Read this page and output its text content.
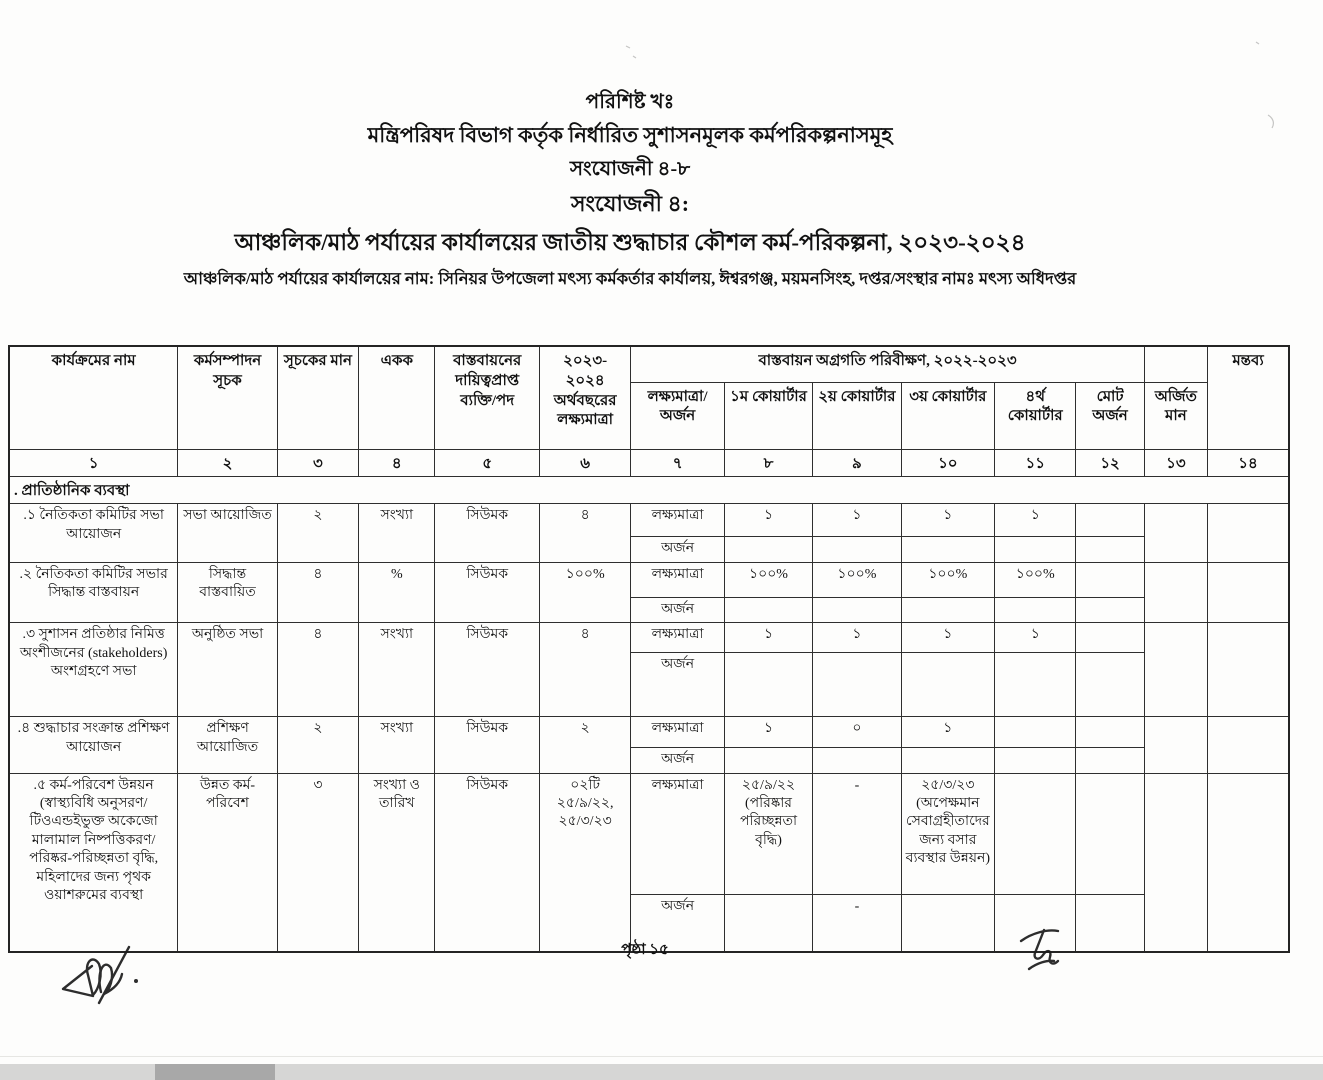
পরিশিষ্ট খঃ
মন্ত্রিপরিষদ বিভাগ কর্তৃক নির্ধারিত সুশাসনমূলক কর্মপরিকল্পনাসমূহ
সংযোজনী ৪-৮
সংযোজনী ৪:
আঞ্চলিক/মাঠ পর্যায়ের কার্যালয়ের জাতীয় শুদ্ধাচার কৌশল কর্ম-পরিকল্পনা, ২০২৩-২০২৪
আঞ্চলিক/মাঠ পর্যায়ের কার্যালয়ের নাম: সিনিয়র উপজেলা মৎস্য কর্মকর্তার কার্যালয়, ঈশ্বরগঞ্জ, ময়মনসিংহ, দপ্তর/সংস্থার নামঃ মৎস্য অধিদপ্তর
কার্যক্রমের নাম	কর্মসম্পাদন সূচক	সূচকের মান	একক	বাস্তবায়নের দায়িত্বপ্রাপ্ত ব্যক্তি/পদ	২০২৩- ২০২৪ অর্থবছরের লক্ষ্যমাত্রা	বাস্তবায়ন অগ্রগতি পরিবীক্ষণ, ২০২২-২০২৩							মন্তব্য
						লক্ষ্যমাত্রা/ অর্জন	১ম কোয়ার্টার	২য় কোয়ার্টার	৩য় কোয়ার্টার	৪র্থ কোয়ার্টার	মোট অর্জন	অর্জিত মান	
১	২	৩	৪	৫	৬	৭	৮	৯	১০	১১	১২	১৩	১৪
. প্রাতিষ্ঠানিক ব্যবস্থা													
.১ নৈতিকতা কমিটির সভা আয়োজন	সভা আয়োজিত	২	সংখ্যা	সিউমক	৪	লক্ষ্যমাত্রা	১	১	১	১			
						অর্জন							
.২ নৈতিকতা কমিটির সভার সিদ্ধান্ত বাস্তবায়ন	সিদ্ধান্ত বাস্তবায়িত	৪	%	সিউমক	১০০%	লক্ষ্যমাত্রা	১০০%	১০০%	১০০%	১০০%			
						অর্জন							
.৩ সুশাসন প্রতিষ্ঠার নিমিত্ত অংশীজনের (stakeholders) অংশগ্রহণে সভা	অনুষ্ঠিত সভা	৪	সংখ্যা	সিউমক	৪	লক্ষ্যমাত্রা	১	১	১	১			
						অর্জন							
.৪ শুদ্ধাচার সংক্রান্ত প্রশিক্ষণ আয়োজন	প্রশিক্ষণ আয়োজিত	২	সংখ্যা	সিউমক	২	লক্ষ্যমাত্রা	১	০	১				
						অর্জন							
.৫ কর্ম-পরিবেশ উন্নয়ন (স্বাস্থ্যবিধি অনুসরণ/টিওএন্ডইভুক্ত অকেজো মালামাল নিষ্পত্তিকরণ/পরিষ্কর-পরিচ্ছন্নতা বৃদ্ধি, মহিলাদের জন্য পৃথক ওয়াশরুমের ব্যবস্থা	উন্নত কর্ম- পরিবেশ	৩	সংখ্যা ও তারিখ	সিউমক	০২টি ২৫/৯/২২, ২৫/৩/২৩	লক্ষ্যমাত্রা	২৫/৯/২২ (পরিষ্কার পরিচ্ছন্নতা বৃদ্ধি)	-	২৫/৩/২৩ (অপেক্ষমান সেবাগ্রহীতাদের জন্য বসার ব্যবস্থার উন্নয়ন)				
						অর্জন		-					
পৃষ্ঠা ১৫
